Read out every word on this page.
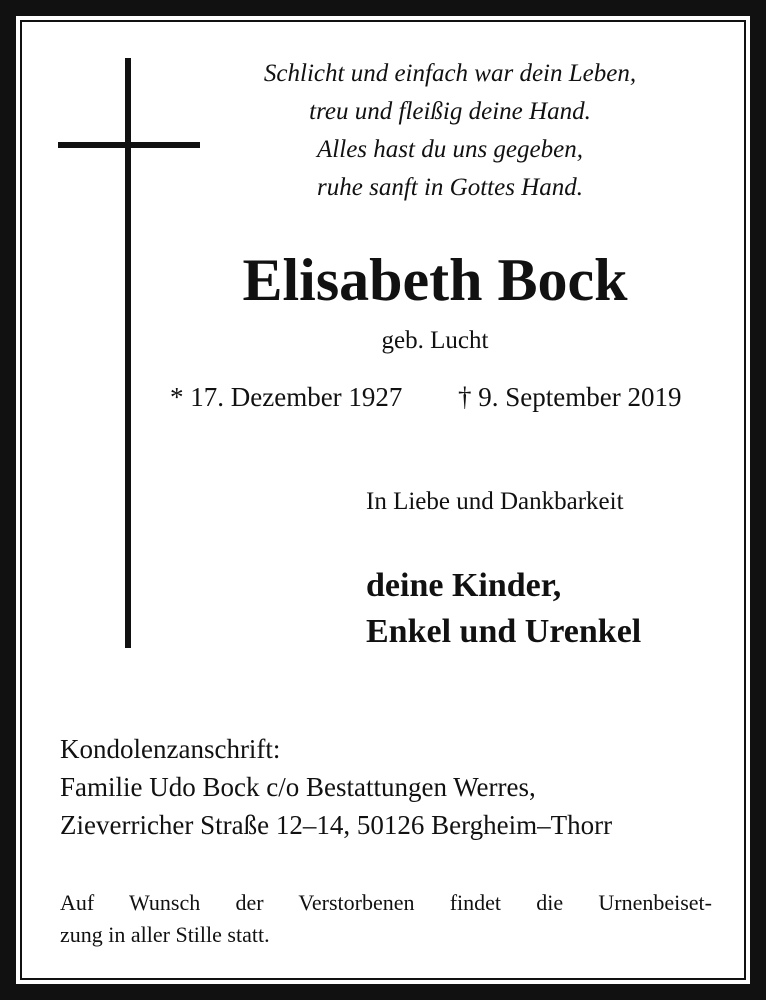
Schlicht und einfach war dein Leben,
treu und fleißig deine Hand.
Alles hast du uns gegeben,
ruhe sanft in Gottes Hand.
Elisabeth Bock
geb. Lucht
* 17. Dezember 1927 † 9. September 2019
In Liebe und Dankbarkeit
deine Kinder,
Enkel und Urenkel
Kondolenzanschrift:
Familie Udo Bock c/o Bestattungen Werres,
Zieverricher Straße 12–14, 50126 Bergheim–Thorr
Auf Wunsch der Verstorbenen findet die Urnenbeiset-
zung in aller Stille statt.
